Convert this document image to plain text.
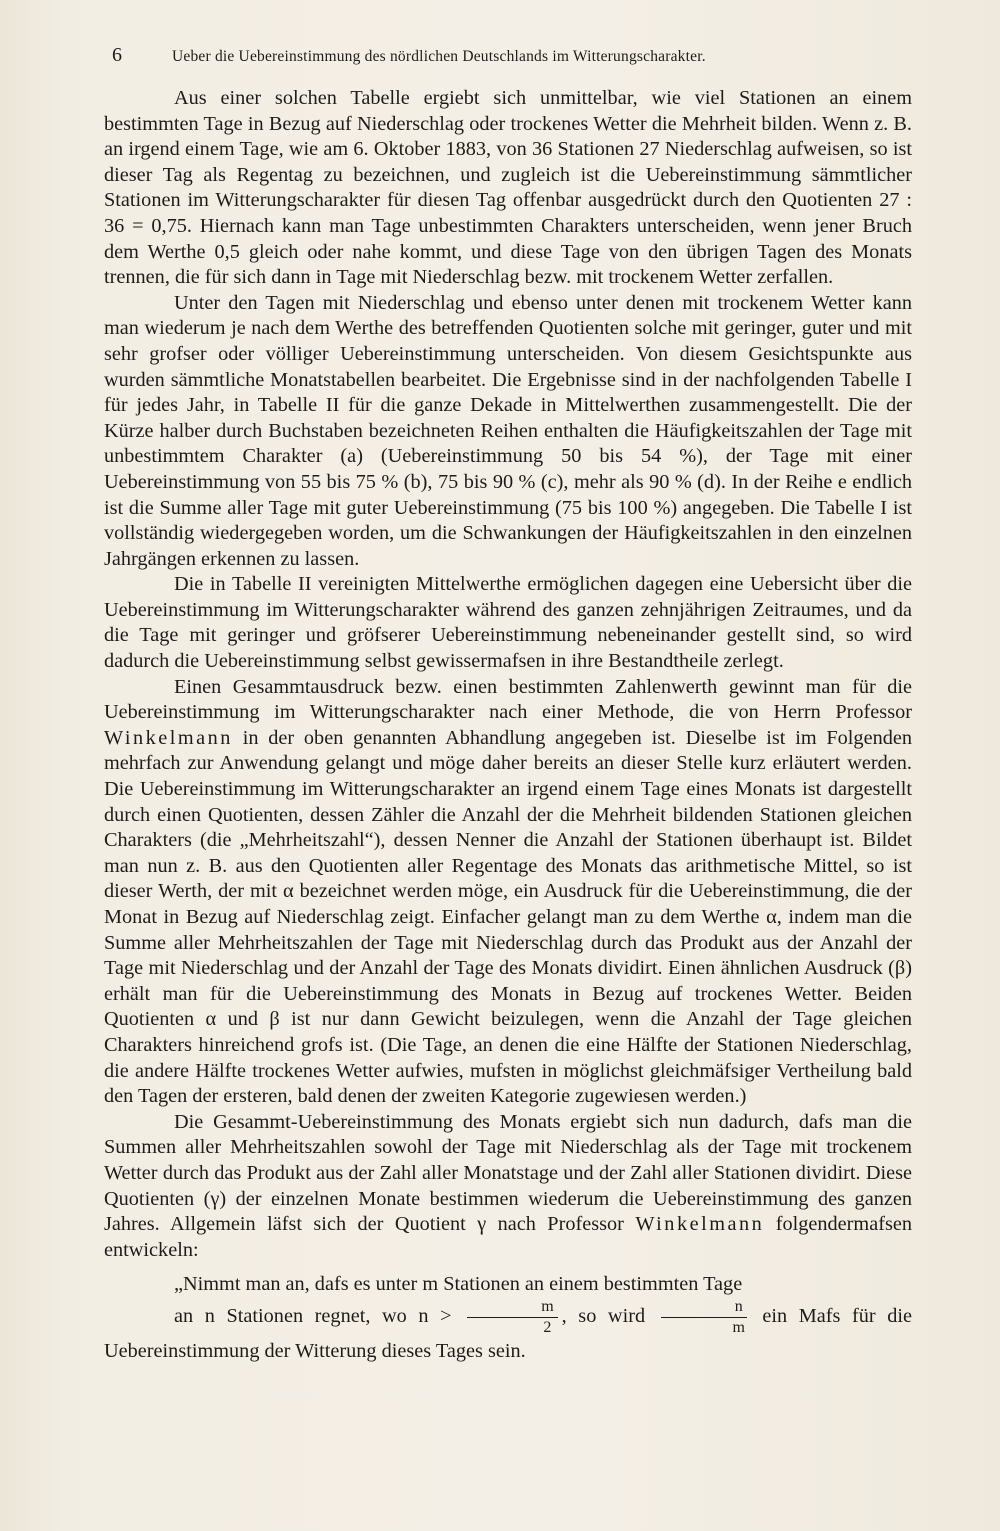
6	Ueber die Uebereinstimmung des nördlichen Deutschlands im Witterungscharakter.

Aus einer solchen Tabelle ergiebt sich unmittelbar, wie viel Stationen an einem bestimmten Tage in Bezug auf Niederschlag oder trockenes Wetter die Mehrheit bilden. Wenn z. B. an irgend einem Tage, wie am 6. Oktober 1883, von 36 Stationen 27 Niederschlag aufweisen, so ist dieser Tag als Regentag zu bezeichnen, und zugleich ist die Uebereinstimmung sämmtlicher Stationen im Witterungscharakter für diesen Tag offenbar ausgedrückt durch den Quotienten 27 : 36 = 0,75. Hiernach kann man Tage unbestimmten Charakters unterscheiden, wenn jener Bruch dem Werthe 0,5 gleich oder nahe kommt, und diese Tage von den übrigen Tagen des Monats trennen, die für sich dann in Tage mit Niederschlag bezw. mit trockenem Wetter zerfallen.

Unter den Tagen mit Niederschlag und ebenso unter denen mit trockenem Wetter kann man wiederum je nach dem Werthe des betreffenden Quotienten solche mit geringer, guter und mit sehr grofser oder völliger Uebereinstimmung unterscheiden. Von diesem Gesichtspunkte aus wurden sämmtliche Monatstabellen bearbeitet. Die Ergebnisse sind in der nachfolgenden Tabelle I für jedes Jahr, in Tabelle II für die ganze Dekade in Mittelwerthen zusammengestellt. Die der Kürze halber durch Buchstaben bezeichneten Reihen enthalten die Häufigkeitszahlen der Tage mit unbestimmtem Charakter (a) (Uebereinstimmung 50 bis 54 %), der Tage mit einer Uebereinstimmung von 55 bis 75 % (b), 75 bis 90 % (c), mehr als 90 % (d). In der Reihe e endlich ist die Summe aller Tage mit guter Uebereinstimmung (75 bis 100 %) angegeben. Die Tabelle I ist vollständig wiedergegeben worden, um die Schwankungen der Häufigkeitszahlen in den einzelnen Jahrgängen erkennen zu lassen.

Die in Tabelle II vereinigten Mittelwerthe ermöglichen dagegen eine Uebersicht über die Uebereinstimmung im Witterungscharakter während des ganzen zehnjährigen Zeitraumes, und da die Tage mit geringer und gröfserer Uebereinstimmung nebeneinander gestellt sind, so wird dadurch die Uebereinstimmung selbst gewissermafsen in ihre Bestandtheile zerlegt.

Einen Gesammtausdruck bezw. einen bestimmten Zahlenwerth gewinnt man für die Uebereinstimmung im Witterungscharakter nach einer Methode, die von Herrn Professor Winkelmann in der oben genannten Abhandlung angegeben ist. Dieselbe ist im Folgenden mehrfach zur Anwendung gelangt und möge daher bereits an dieser Stelle kurz erläutert werden. Die Uebereinstimmung im Witterungscharakter an irgend einem Tage eines Monats ist dargestellt durch einen Quotienten, dessen Zähler die Anzahl der die Mehrheit bildenden Stationen gleichen Charakters (die „Mehrheitszahl“), dessen Nenner die Anzahl der Stationen überhaupt ist. Bildet man nun z. B. aus den Quotienten aller Regentage des Monats das arithmetische Mittel, so ist dieser Werth, der mit α bezeichnet werden möge, ein Ausdruck für die Uebereinstimmung, die der Monat in Bezug auf Niederschlag zeigt. Einfacher gelangt man zu dem Werthe α, indem man die Summe aller Mehrheitszahlen der Tage mit Niederschlag durch das Produkt aus der Anzahl der Tage mit Niederschlag und der Anzahl der Tage des Monats dividirt. Einen ähnlichen Ausdruck (β) erhält man für die Uebereinstimmung des Monats in Bezug auf trockenes Wetter. Beiden Quotienten α und β ist nur dann Gewicht beizulegen, wenn die Anzahl der Tage gleichen Charakters hinreichend grofs ist. (Die Tage, an denen die eine Hälfte der Stationen Niederschlag, die andere Hälfte trockenes Wetter aufwies, mufsten in möglichst gleichmäfsiger Vertheilung bald den Tagen der ersteren, bald denen der zweiten Kategorie zugewiesen werden.)

Die Gesammt-Uebereinstimmung des Monats ergiebt sich nun dadurch, dafs man die Summen aller Mehrheitszahlen sowohl der Tage mit Niederschlag als der Tage mit trockenem Wetter durch das Produkt aus der Zahl aller Monatstage und der Zahl aller Stationen dividirt. Diese Quotienten (γ) der einzelnen Monate bestimmen wiederum die Uebereinstimmung des ganzen Jahres. Allgemein läfst sich der Quotient γ nach Professor Winkelmann folgendermafsen entwickeln:

„Nimmt man an, dafs es unter m Stationen an einem bestimmten Tage

an n Stationen regnet, wo $n > \frac{m}{2}$ , so wird $\frac{n}{m}$ ein Mafs für die Uebereinstimmung der Witterung dieses Tages sein.
